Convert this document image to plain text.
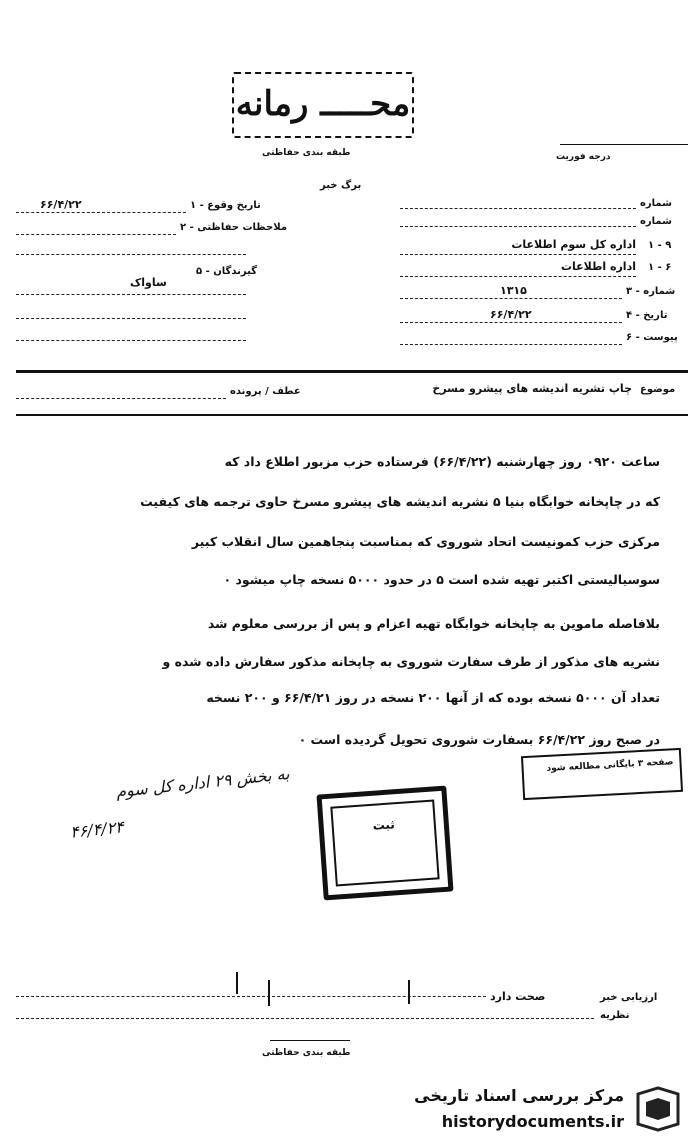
محـــــ رمانه
طبقه بندی حفاظتی	درجه فوریت
برگ خبر
۱ - تاریخ وقوع
۶۶/۴/۲۲
۲ - ملاحظات حفاظتی
۵ - گیرندگان
ساواک
شماره
شماره
۱ - ۹
اداره کل سوم اطلاعات
۱ - ۶
اداره اطلاعات
۳ - شماره
۱۳۱۵
۴ - تاریخ
۶۶/۴/۲۲
۶ - پیوست
موضوع
چاپ تشریه اندیشه های پیشرو مسرخ
عطف / پرونده
ساعت ۰۹۲۰ روز چهارشنبه (۶۶/۴/۲۲) فرستاده حزب مزبور اطلاع داد که
که در چاپخانه خوابگاه بنیا ۵ نشریه اندیشه های پیشرو مسرخ حاوی ترجمه های کیفیت
مرکزی حزب کمونیست اتحاد شوروی که بمناسبت پنجاهمین سال انقلاب کبیر
سوسیالیستی اکتبر تهیه شده است ۵ در حدود ۵۰۰۰ نسخه چاپ میشود ۰
بلافاصله ماموین به چاپخانه خوابگاه تهیه اعزام و پس از بررسی معلوم شد
نشریه های مذکور از طرف سفارت شوروی به چاپخانه مذکور سفارش داده شده و
تعداد آن ۵۰۰۰ نسخه بوده که از آنها ۲۰۰ نسخه در روز ۶۶/۴/۲۱ و ۲۰۰ نسخه
در صبح روز ۶۶/۴/۲۲ بسفارت شوروی تحویل گردیده است ۰
صفحه ۳ بایگانی مطالعه شود
ثبت
به بخش ۲۹ اداره کل سوم
۴۶/۴/۲۴
صحت دارد	ارزیابی خبر
نظریه
طبقه بندی حفاظتی
مرکز بررسی اسناد تاریخی
historydocuments.ir
